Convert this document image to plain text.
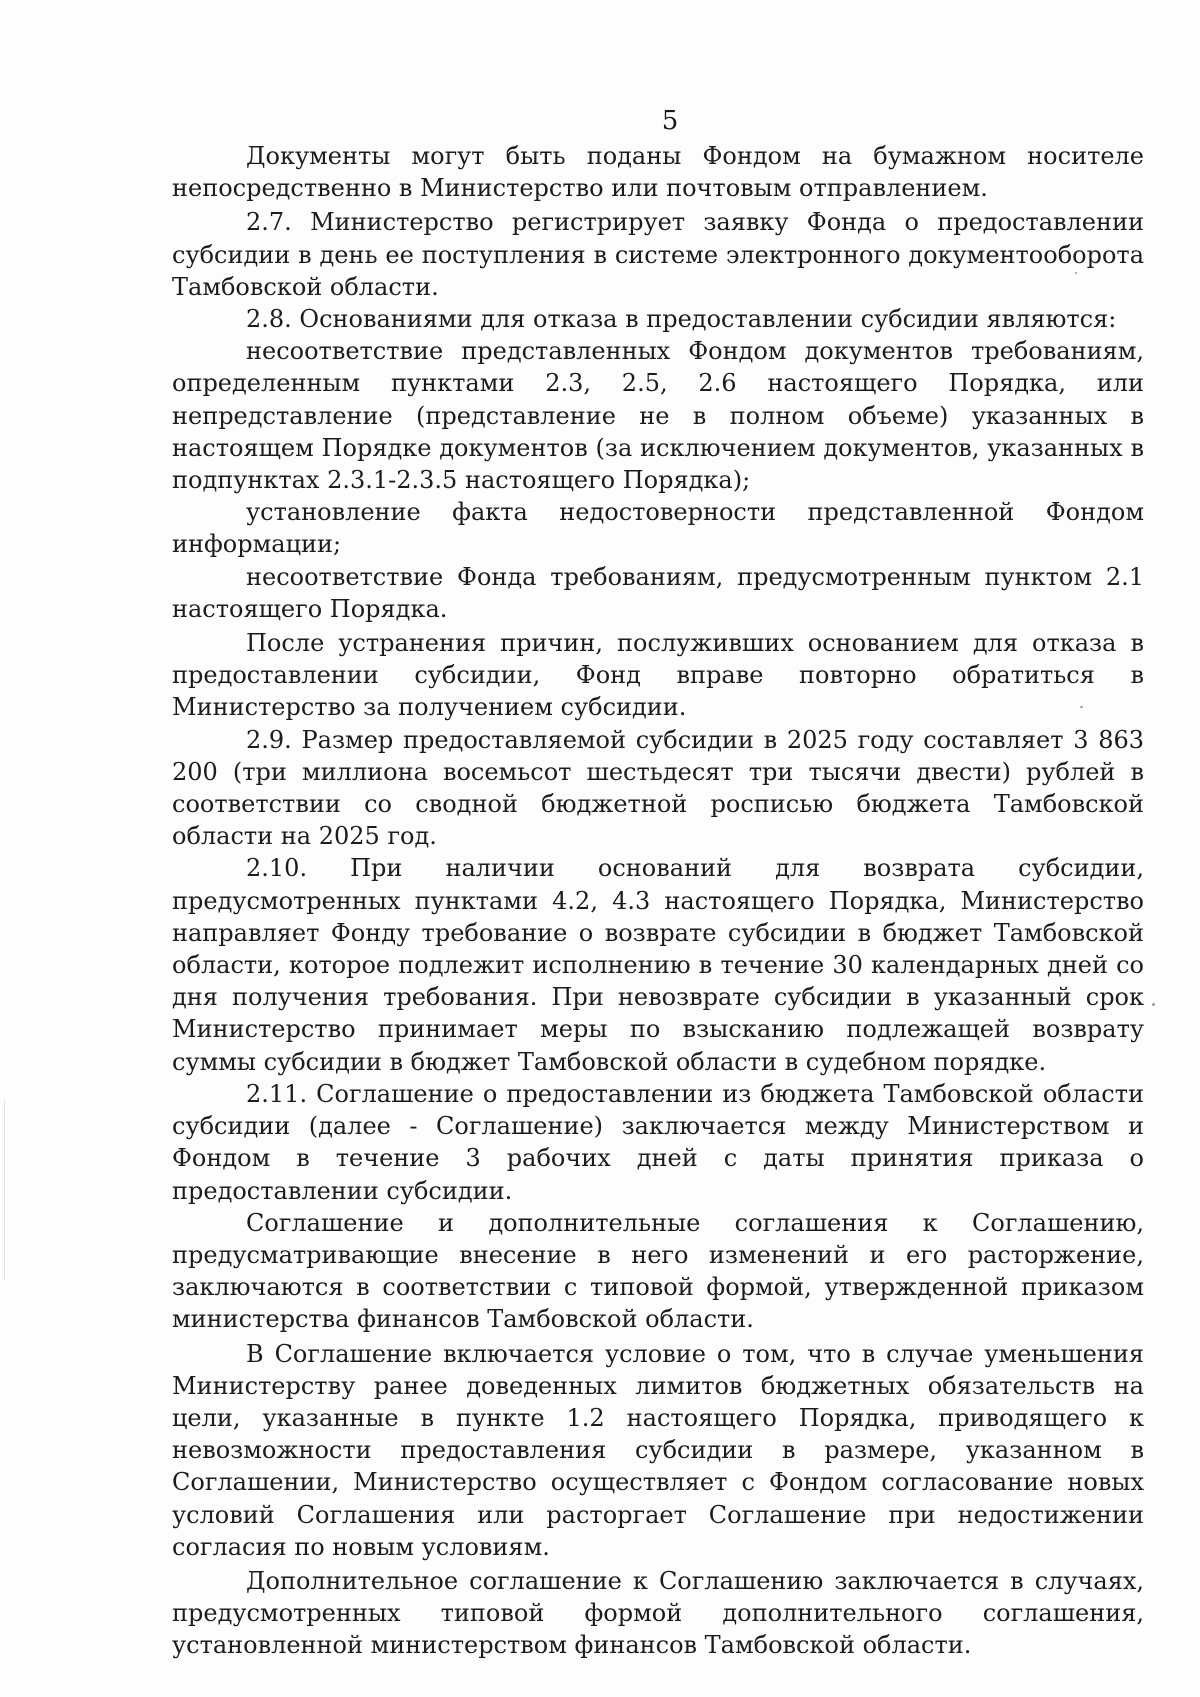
5

Документы могут быть поданы Фондом на бумажном носителе непосредственно в Министерство или почтовым отправлением.

2.7. Министерство регистрирует заявку Фонда о предоставлении субсидии в день ее поступления в системе электронного документооборота Тамбовской области.

2.8. Основаниями для отказа в предоставлении субсидии являются:

несоответствие представленных Фондом документов требованиям, определенным пунктами 2.3, 2.5, 2.6 настоящего Порядка, или непредставление (представление не в полном объеме) указанных в настоящем Порядке документов (за исключением документов, указанных в подпунктах 2.3.1-2.3.5 настоящего Порядка);

установление факта недостоверности представленной Фондом информации;

несоответствие Фонда требованиям, предусмотренным пунктом 2.1 настоящего Порядка.

После устранения причин, послуживших основанием для отказа в предоставлении субсидии, Фонд вправе повторно обратиться в Министерство за получением субсидии.

2.9. Размер предоставляемой субсидии в 2025 году составляет 3 863 200 (три миллиона восемьсот шестьдесят три тысячи двести) рублей в соответствии со сводной бюджетной росписью бюджета Тамбовской области на 2025 год.

2.10. При наличии оснований для возврата субсидии, предусмотренных пунктами 4.2, 4.3 настоящего Порядка, Министерство направляет Фонду требование о возврате субсидии в бюджет Тамбовской области, которое подлежит исполнению в течение 30 календарных дней со дня получения требования. При невозврате субсидии в указанный срок Министерство принимает меры по взысканию подлежащей возврату суммы субсидии в бюджет Тамбовской области в судебном порядке.

2.11. Соглашение о предоставлении из бюджета Тамбовской области субсидии (далее - Соглашение) заключается между Министерством и Фондом в течение 3 рабочих дней с даты принятия приказа о предоставлении субсидии.

Соглашение и дополнительные соглашения к Соглашению, предусматривающие внесение в него изменений и его расторжение, заключаются в соответствии с типовой формой, утвержденной приказом министерства финансов Тамбовской области.

В Соглашение включается условие о том, что в случае уменьшения Министерству ранее доведенных лимитов бюджетных обязательств на цели, указанные в пункте 1.2 настоящего Порядка, приводящего к невозможности предоставления субсидии в размере, указанном в Соглашении, Министерство осуществляет с Фондом согласование новых условий Соглашения или расторгает Соглашение при недостижении согласия по новым условиям.

Дополнительное соглашение к Соглашению заключается в случаях, предусмотренных типовой формой дополнительного соглашения, установленной министерством финансов Тамбовской области.
